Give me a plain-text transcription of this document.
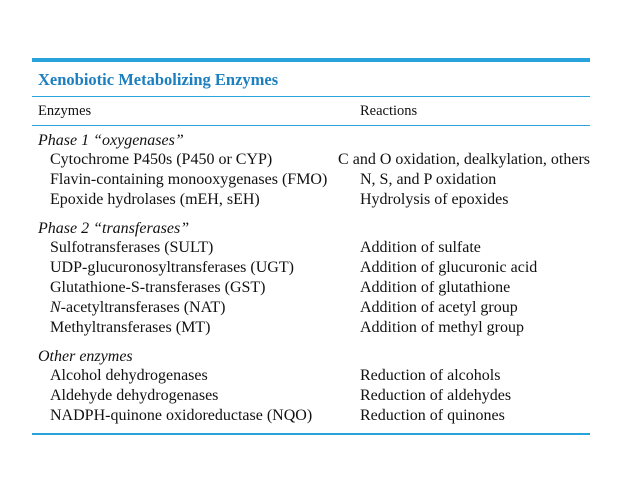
Xenobiotic Metabolizing Enzymes
Enzymes	Reactions
Phase 1 “oxygenases”
Cytochrome P450s (P450 or CYP)	C and O oxidation, dealkylation, others
Flavin-containing monooxygenases (FMO)	N, S, and P oxidation
Epoxide hydrolases (mEH, sEH)	Hydrolysis of epoxides
Phase 2 “transferases”
Sulfotransferases (SULT)	Addition of sulfate
UDP-glucuronosyltransferases (UGT)	Addition of glucuronic acid
Glutathione-S-transferases (GST)	Addition of glutathione
N-acetyltransferases (NAT)	Addition of acetyl group
Methyltransferases (MT)	Addition of methyl group
Other enzymes
Alcohol dehydrogenases	Reduction of alcohols
Aldehyde dehydrogenases	Reduction of aldehydes
NADPH-quinone oxidoreductase (NQO)	Reduction of quinones
